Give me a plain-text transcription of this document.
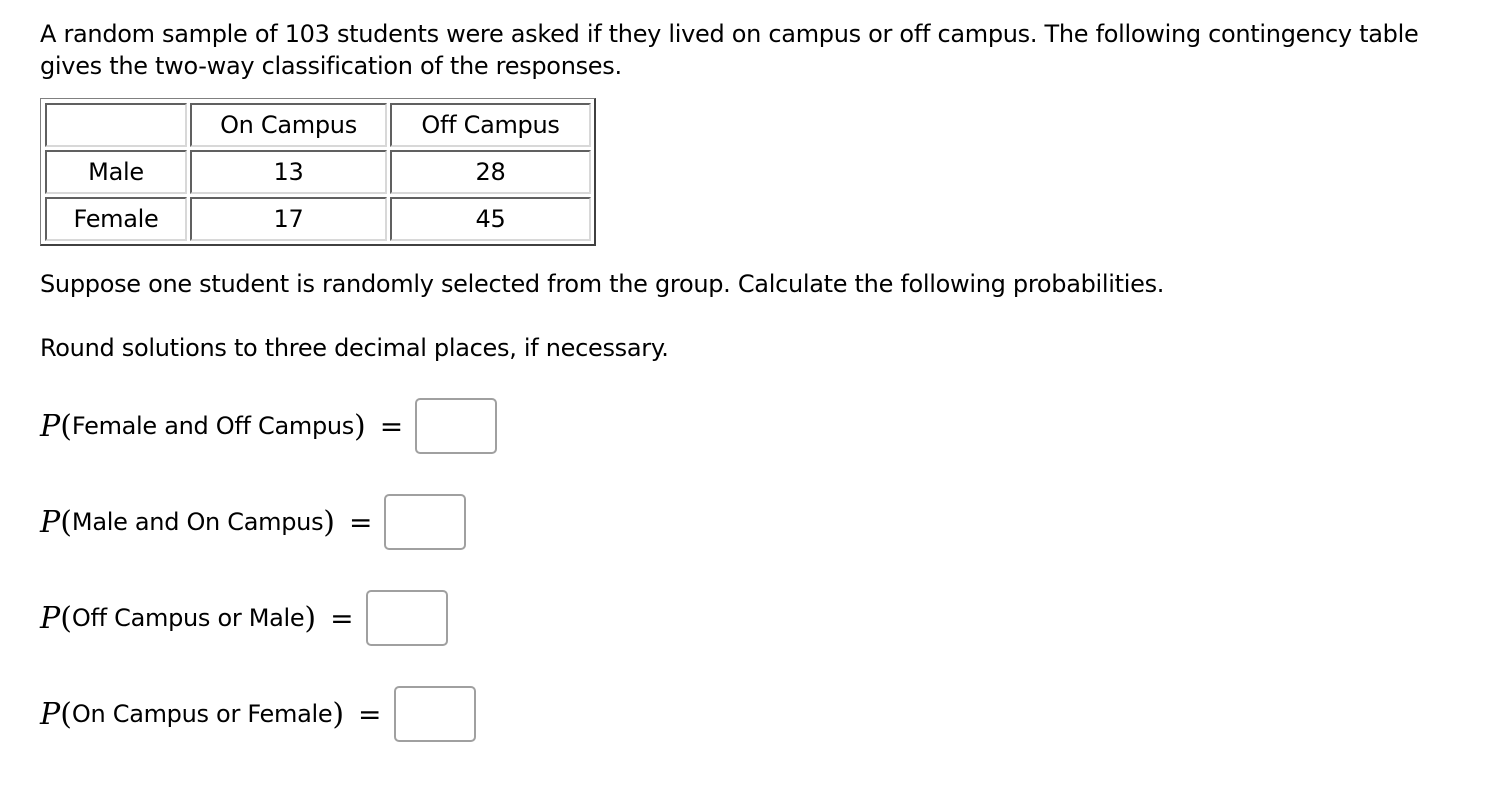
A random sample of 103 students were asked if they lived on campus or off campus. The following contingency table gives the two-way classification of the responses.

	On Campus	Off Campus
Male	13	28
Female	17	45

Suppose one student is randomly selected from the group. Calculate the following probabilities.

Round solutions to three decimal places, if necessary.

P ( Female and Off Campus ) =
P ( Male and On Campus ) =
P ( Off Campus or Male ) =
P ( On Campus or Female ) =
